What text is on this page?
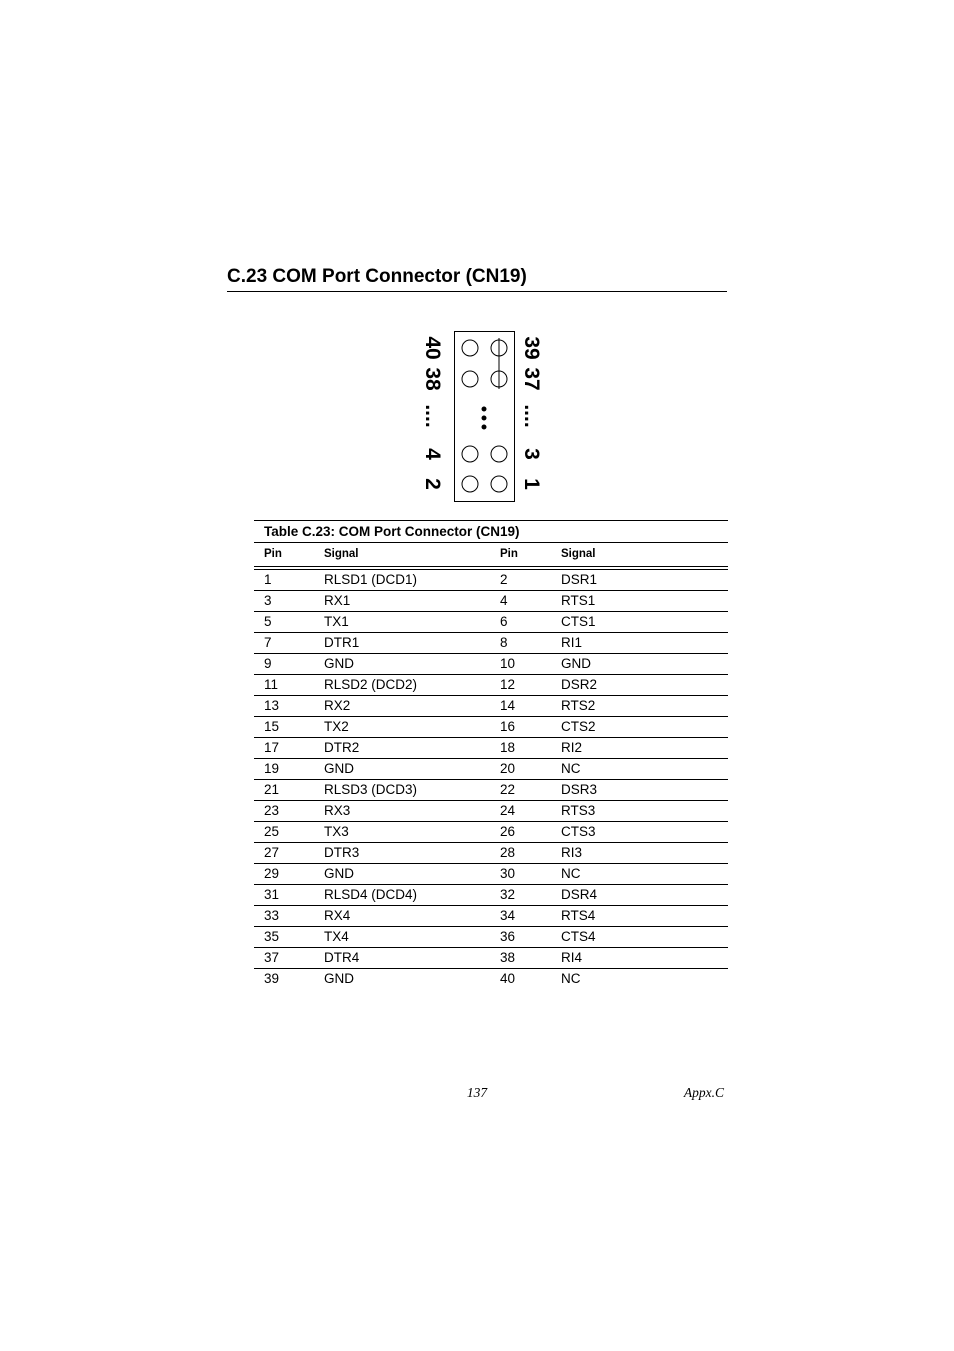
C.23 COM Port Connector (CN19)
40
38
....
4
2
39
37
....
3
1
Table C.23: COM Port Connector (CN19)
Pin	Signal	Pin	Signal
1	RLSD1 (DCD1)	2	DSR1
3	RX1	4	RTS1
5	TX1	6	CTS1
7	DTR1	8	RI1
9	GND	10	GND
11	RLSD2 (DCD2)	12	DSR2
13	RX2	14	RTS2
15	TX2	16	CTS2
17	DTR2	18	RI2
19	GND	20	NC
21	RLSD3 (DCD3)	22	DSR3
23	RX3	24	RTS3
25	TX3	26	CTS3
27	DTR3	28	RI3
29	GND	30	NC
31	RLSD4 (DCD4)	32	DSR4
33	RX4	34	RTS4
35	TX4	36	CTS4
37	DTR4	38	RI4
39	GND	40	NC
137	Appx.C
